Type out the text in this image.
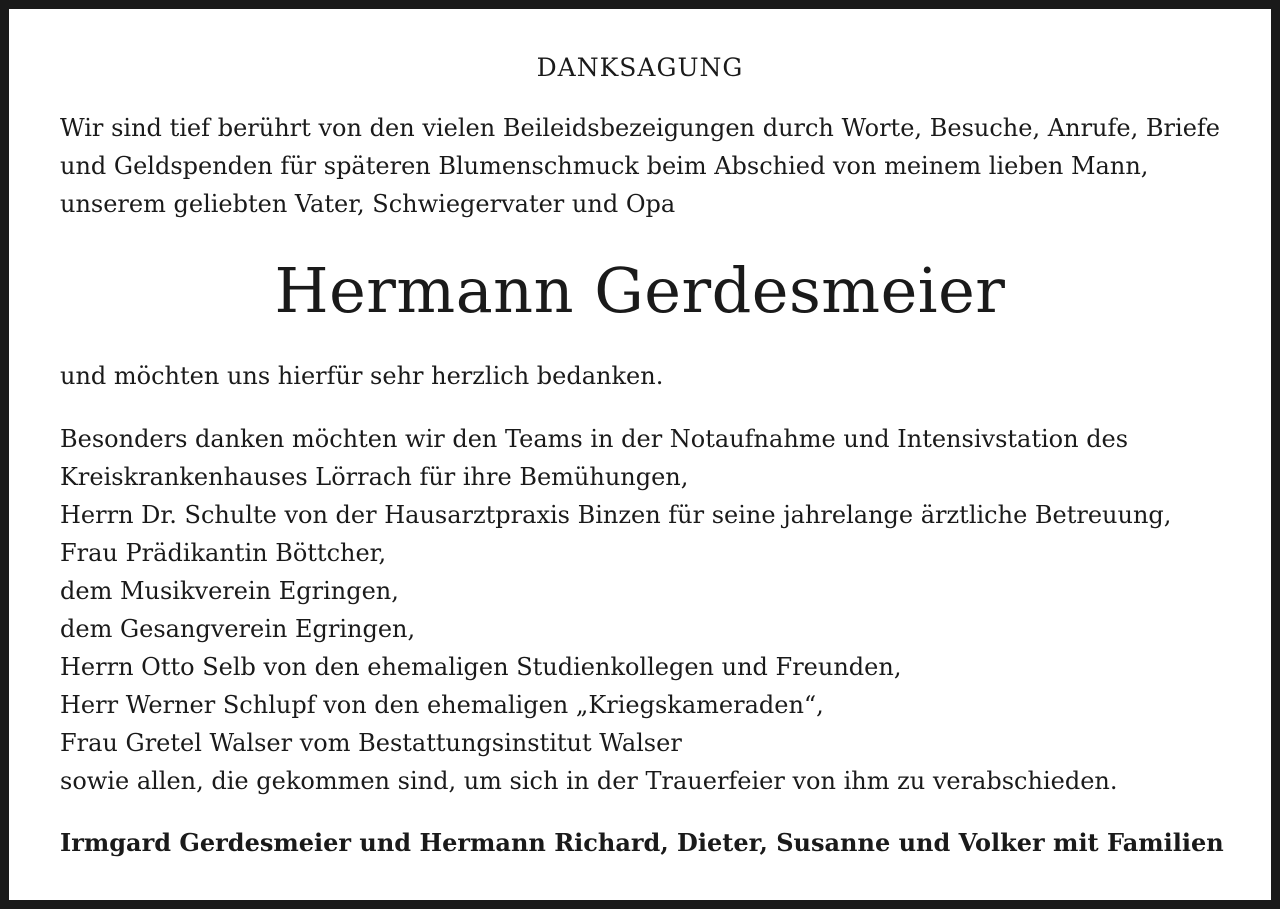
DANKSAGUNG

Wir sind tief berührt von den vielen Beileidsbezeigungen durch Worte, Besuche, Anrufe, Briefe und Geldspenden für späteren Blumenschmuck beim Abschied von meinem lieben Mann,
unserem geliebten Vater, Schwiegervater und Opa

Hermann Gerdesmeier

und möchten uns hierfür sehr herzlich bedanken.

Besonders danken möchten wir den Teams in der Notaufnahme und Intensivstation des
Kreiskrankenhauses Lörrach für ihre Bemühungen,
Herrn Dr. Schulte von der Hausarztpraxis Binzen für seine jahrelange ärztliche Betreuung,
Frau Prädikantin Böttcher,
dem Musikverein Egringen,
dem Gesangverein Egringen,
Herrn Otto Selb von den ehemaligen Studienkollegen und Freunden,
Herr Werner Schlupf von den ehemaligen „Kriegskameraden“,
Frau Gretel Walser vom Bestattungsinstitut Walser
sowie allen, die gekommen sind, um sich in der Trauerfeier von ihm zu verabschieden.
Irmgard Gerdesmeier und Hermann Richard, Dieter, Susanne und Volker mit Familien
